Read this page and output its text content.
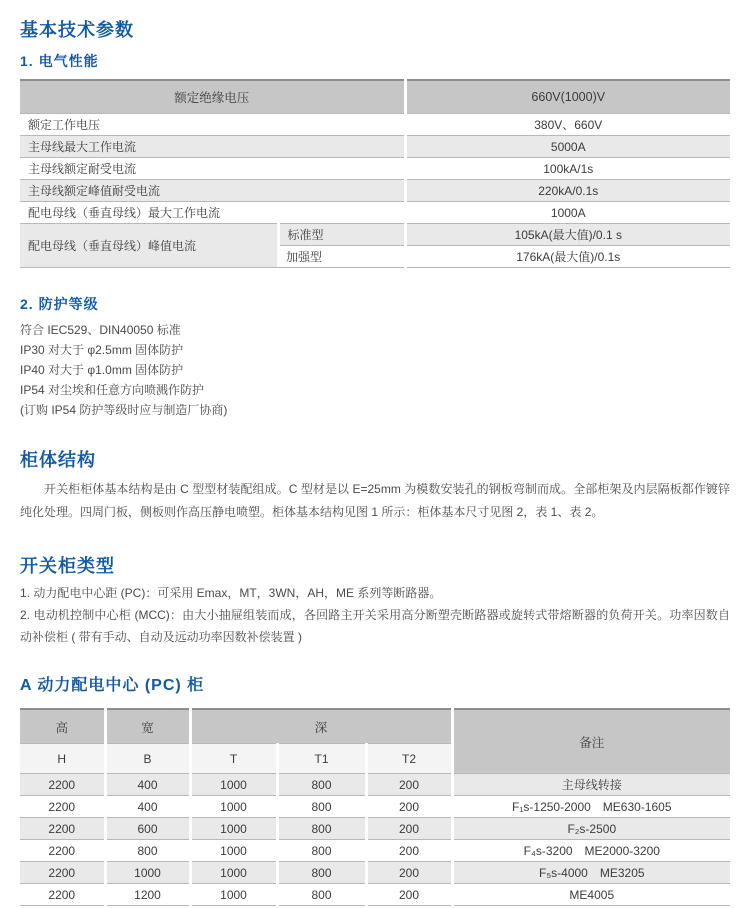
基本技术参数
1. 电气性能
额定绝缘电压		660V(1000)V
额定工作电压		380V、660V
主母线最大工作电流		5000A
主母线额定耐受电流		100kA/1s
主母线额定峰值耐受电流		220kA/0.1s
配电母线（垂直母线）最大工作电流		1000A
配电母线（垂直母线）峰值电流	标准型	105kA(最大值)/0.1 s
	加强型	176kA(最大值)/0.1s
2. 防护等级
符合 IEC529、DIN40050 标准
IP30 对大于 φ2.5mm 固体防护
IP40 对大于 φ1.0mm 固体防护
IP54 对尘埃和任意方向喷溅作防护
(订购 IP54 防护等级时应与制造厂协商)
柜体结构

开关柜柜体基本结构是由 C 型型材装配组成。C 型材是以 E=25mm 为模数安装孔的钢板弯制而成。全部柜架及内层隔板都作镀锌纯化处理。四周门板，侧板则作高压静电喷塑。柜体基本结构见图 1 所示：柜体基本尺寸见图 2，表 1、表 2。

开关柜类型
1. 动力配电中心距 (PC)：可采用 Emax，MT，3WN，AH，ME 系列等断路器。
2. 电动机控制中心柜 (MCC)：由大小抽屉组装而成，各回路主开关采用高分断塑壳断路器或旋转式带熔断器的负荷开关。功率因数自动补偿柜 ( 带有手动、自动及远动功率因数补偿装置 )
A 动力配电中心 (PC) 柜
高	宽	深			备注
H	B	T	T1	T2	
2200	400	1000	800	200	主母线转接
2200	400	1000	800	200	F₁s-1250-2000　ME630-1605
2200	600	1000	800	200	F₂s-2500
2200	800	1000	800	200	F₄s-3200　ME2000-3200
2200	1000	1000	800	200	F₅s-4000　ME3205
2200	1200	1000	800	200	ME4005
